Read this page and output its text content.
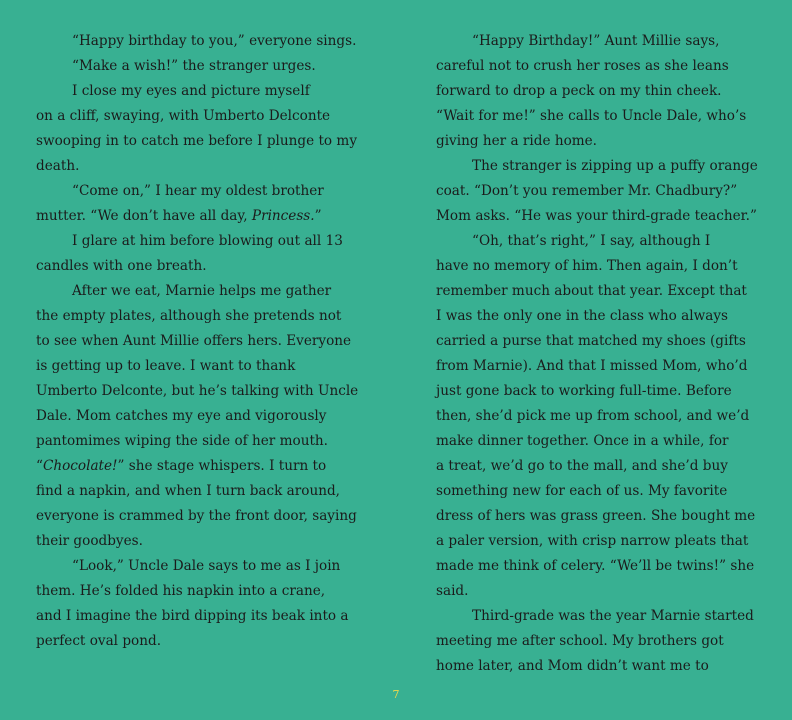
“Happy birthday to you,” everyone sings.
“Make a wish!” the stranger urges.
I close my eyes and picture myself
on a cliff, swaying, with Umberto Delconte
swooping in to catch me before I plunge to my
death.
“Come on,” I hear my oldest brother
mutter. “We don’t have all day, Princess.”
I glare at him before blowing out all 13
candles with one breath.
After we eat, Marnie helps me gather
the empty plates, although she pretends not
to see when Aunt Millie offers hers. Everyone
is getting up to leave. I want to thank
Umberto Delconte, but he’s talking with Uncle
Dale. Mom catches my eye and vigorously
pantomimes wiping the side of her mouth.
“Chocolate!” she stage whispers. I turn to
find a napkin, and when I turn back around,
everyone is crammed by the front door, saying
their goodbyes.
“Look,” Uncle Dale says to me as I join
them. He’s folded his napkin into a crane,
and I imagine the bird dipping its beak into a
perfect oval pond.
“Happy Birthday!” Aunt Millie says,
careful not to crush her roses as she leans
forward to drop a peck on my thin cheek.
“Wait for me!” she calls to Uncle Dale, who’s
giving her a ride home.
The stranger is zipping up a puffy orange
coat. “Don’t you remember Mr. Chadbury?”
Mom asks. “He was your third-grade teacher.”
“Oh, that’s right,” I say, although I
have no memory of him. Then again, I don’t
remember much about that year. Except that
I was the only one in the class who always
carried a purse that matched my shoes (gifts
from Marnie). And that I missed Mom, who’d
just gone back to working full-time. Before
then, she’d pick me up from school, and we’d
make dinner together. Once in a while, for
a treat, we’d go to the mall, and she’d buy
something new for each of us. My favorite
dress of hers was grass green. She bought me
a paler version, with crisp narrow pleats that
made me think of celery. “We’ll be twins!” she
said.
Third-grade was the year Marnie started
meeting me after school. My brothers got
home later, and Mom didn’t want me to
7
